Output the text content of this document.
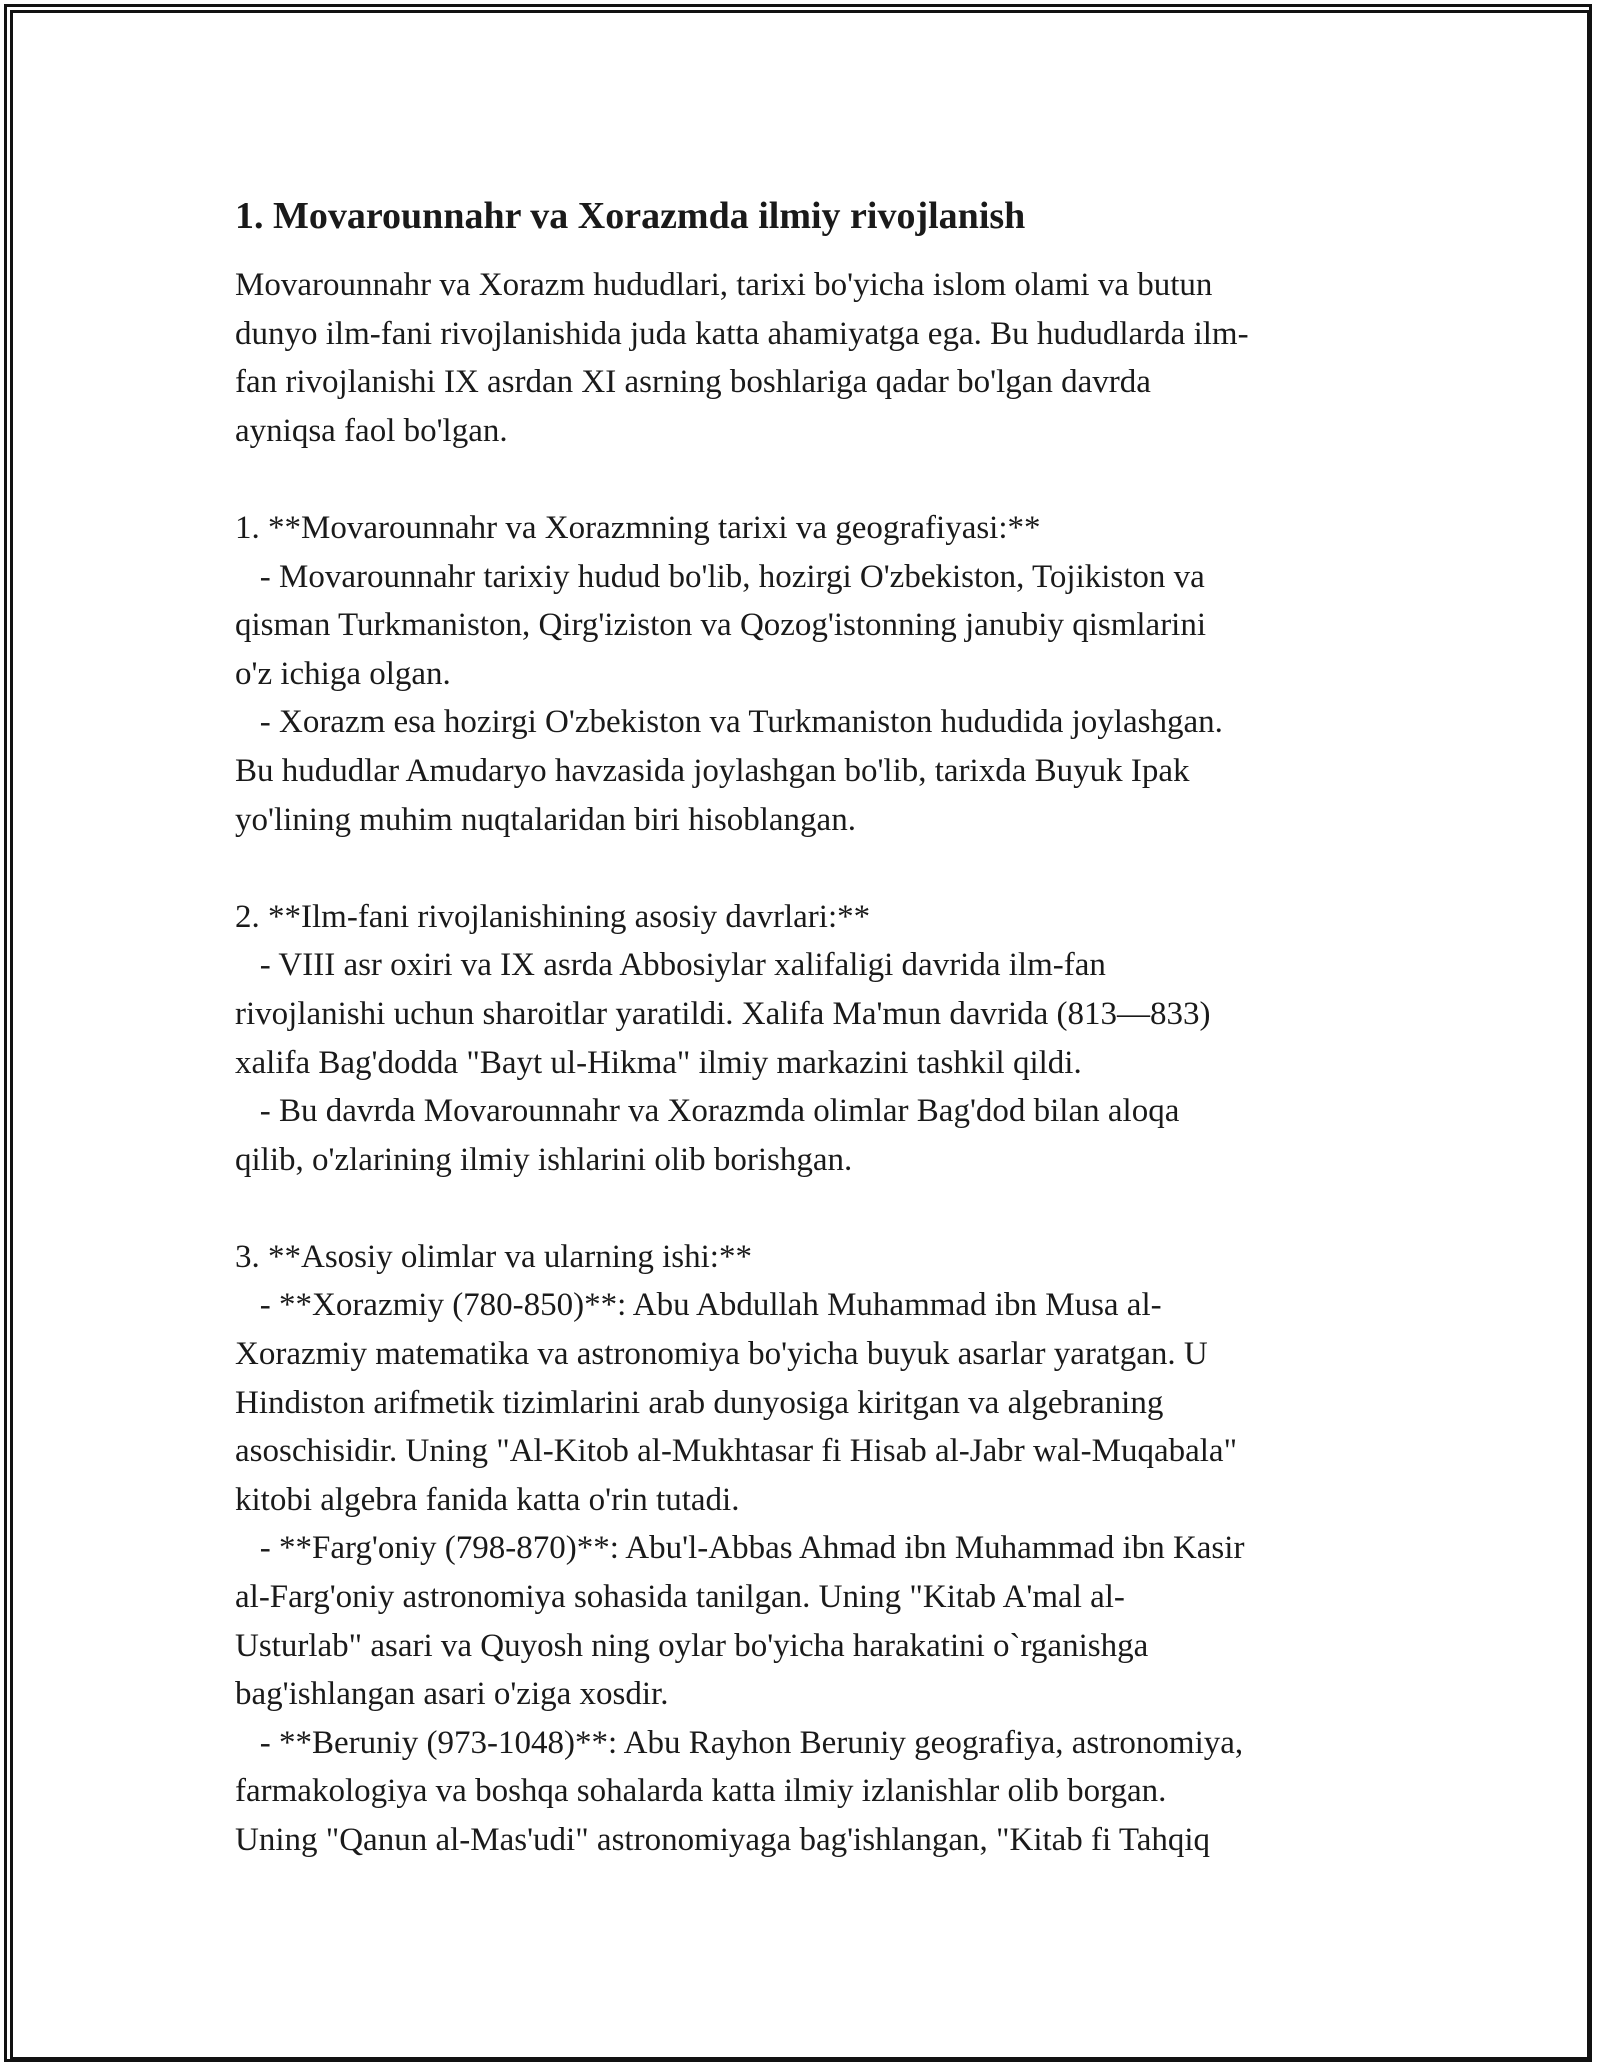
1. Movarounnahr va Xorazmda ilmiy rivojlanish

Movarounnahr va Xorazm hududlari, tarixi bo'yicha islom olami va butun
dunyo ilm-fani rivojlanishida juda katta ahamiyatga ega. Bu hududlarda ilm-
fan rivojlanishi IX asrdan XI asrning boshlariga qadar bo'lgan davrda
ayniqsa faol bo'lgan.

1. **Movarounnahr va Xorazmning tarixi va geografiyasi:**
- Movarounnahr tarixiy hudud bo'lib, hozirgi O'zbekiston, Tojikiston va
qisman Turkmaniston, Qirg'iziston va Qozog'istonning janubiy qismlarini
o'z ichiga olgan.
- Xorazm esa hozirgi O'zbekiston va Turkmaniston hududida joylashgan.
Bu hududlar Amudaryo havzasida joylashgan bo'lib, tarixda Buyuk Ipak
yo'lining muhim nuqtalaridan biri hisoblangan.

2. **Ilm-fani rivojlanishining asosiy davrlari:**
- VIII asr oxiri va IX asrda Abbosiylar xalifaligi davrida ilm-fan
rivojlanishi uchun sharoitlar yaratildi. Xalifa Ma'mun davrida (813—833)
xalifa Bag'dodda "Bayt ul-Hikma" ilmiy markazini tashkil qildi.
- Bu davrda Movarounnahr va Xorazmda olimlar Bag'dod bilan aloqa
qilib, o'zlarining ilmiy ishlarini olib borishgan.

3. **Asosiy olimlar va ularning ishi:**
- **Xorazmiy (780-850)**: Abu Abdullah Muhammad ibn Musa al-
Xorazmiy matematika va astronomiya bo'yicha buyuk asarlar yaratgan. U
Hindiston arifmetik tizimlarini arab dunyosiga kiritgan va algebraning
asoschisidir. Uning "Al-Kitob al-Mukhtasar fi Hisab al-Jabr wal-Muqabala"
kitobi algebra fanida katta o'rin tutadi.
- **Farg'oniy (798-870)**: Abu'l-Abbas Ahmad ibn Muhammad ibn Kasir
al-Farg'oniy astronomiya sohasida tanilgan. Uning "Kitab A'mal al-
Usturlab" asari va Quyosh ning oylar bo'yicha harakatini o`rganishga
bag'ishlangan asari o'ziga xosdir.
- **Beruniy (973-1048)**: Abu Rayhon Beruniy geografiya, astronomiya,
farmakologiya va boshqa sohalarda katta ilmiy izlanishlar olib borgan.
Uning "Qanun al-Mas'udi" astronomiyaga bag'ishlangan, "Kitab fi Tahqiq
